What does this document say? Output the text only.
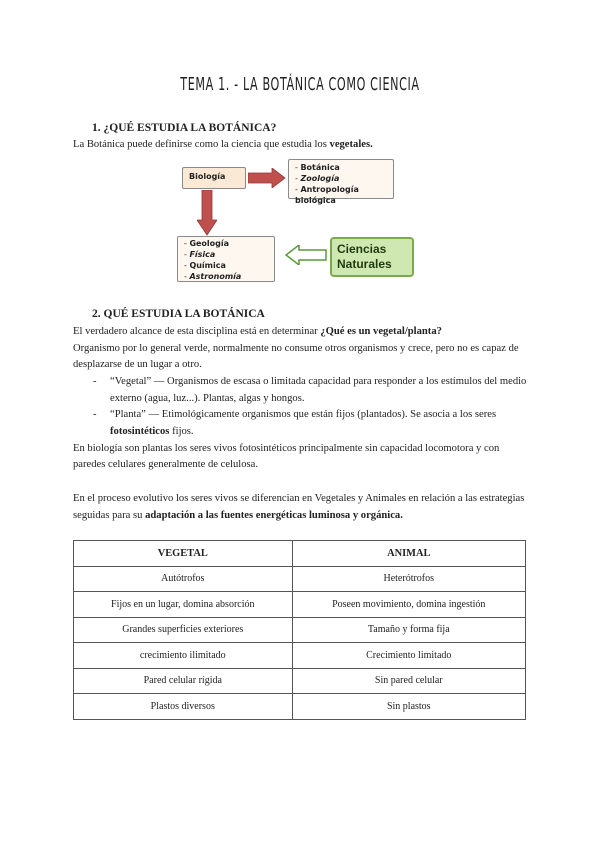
TEMA 1. - LA BOTÁNICA COMO CIENCIA
1. ¿QUÉ ESTUDIA LA BOTÁNICA?
La Botánica puede definirse como la ciencia que estudia los vegetales.
Biología
- Botánica
- Zoología
- Antropología biológica
- Geología
- Física
- Química
- Astronomía
Ciencias
Naturales
2. QUÉ ESTUDIA LA BOTÁNICA
El verdadero alcance de esta disciplina está en determinar ¿Qué es un vegetal/planta?
Organismo por lo general verde, normalmente no consume otros organismos y crece, pero no es capaz de
desplazarse de un lugar a otro.
- “Vegetal” — Organismos de escasa o limitada capacidad para responder a los estímulos del medio
externo (agua, luz...). Plantas, algas y hongos.
- “Planta” — Etimológicamente organismos que están fijos (plantados). Se asocia a los seres
fotosintéticos fijos.
En biología son plantas los seres vivos fotosintéticos principalmente sin capacidad locomotora y con
paredes celulares generalmente de celulosa.
En el proceso evolutivo los seres vivos se diferencian en Vegetales y Animales en relación a las estrategias
seguidas para su adaptación a las fuentes energéticas luminosa y orgánica.
VEGETAL	ANIMAL
Autótrofos	Heterótrofos
Fijos en un lugar, domina absorción	Poseen movimiento, domina ingestión
Grandes superficies exteriores	Tamaño y forma fija
crecimiento ilimitado	Crecimiento limitado
Pared celular rígida	Sin pared celular
Plastos diversos	Sin plastos
